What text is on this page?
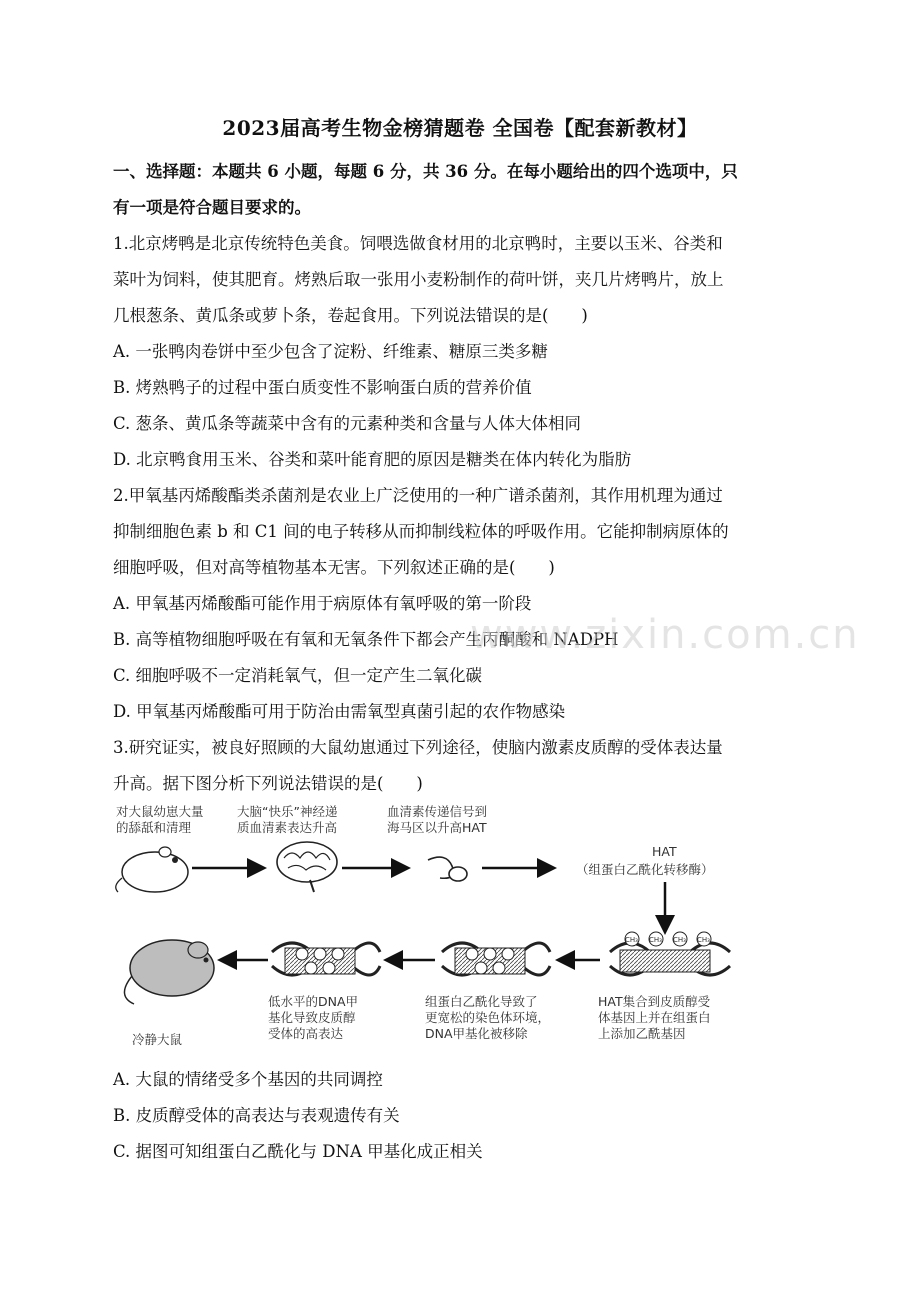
2023届高考生物金榜猜题卷 全国卷【配套新教材】
一、选择题：本题共 6 小题，每题 6 分，共 36 分。在每小题给出的四个选项中，只
有一项是符合题目要求的。
1.北京烤鸭是北京传统特色美食。饲喂选做食材用的北京鸭时，主要以玉米、谷类和
菜叶为饲料，使其肥育。烤熟后取一张用小麦粉制作的荷叶饼，夹几片烤鸭片，放上
几根葱条、黄瓜条或萝卜条，卷起食用。下列说法错误的是(　　)
A. 一张鸭肉卷饼中至少包含了淀粉、纤维素、糖原三类多糖
B. 烤熟鸭子的过程中蛋白质变性不影响蛋白质的营养价值
C. 葱条、黄瓜条等蔬菜中含有的元素种类和含量与人体大体相同
D. 北京鸭食用玉米、谷类和菜叶能育肥的原因是糖类在体内转化为脂肪
2.甲氧基丙烯酸酯类杀菌剂是农业上广泛使用的一种广谱杀菌剂，其作用机理为通过
抑制细胞色素 b 和 C1 间的电子转移从而抑制线粒体的呼吸作用。它能抑制病原体的
细胞呼吸，但对高等植物基本无害。下列叙述正确的是(　　)
A. 甲氧基丙烯酸酯可能作用于病原体有氧呼吸的第一阶段
B. 高等植物细胞呼吸在有氧和无氧条件下都会产生丙酮酸和 NADPH
C. 细胞呼吸不一定消耗氧气，但一定产生二氧化碳
D. 甲氧基丙烯酸酯可用于防治由需氧型真菌引起的农作物感染
www.zixin.com.cn
3.研究证实，被良好照顾的大鼠幼崽通过下列途径，使脑内激素皮质醇的受体表达量
升高。据下图分析下列说法错误的是(　　)
对大鼠幼崽大量
的舔舐和清理
大脑“快乐”神经递
质血清素表达升高
血清素传递信号到
海马区以升高HAT
HAT
（组蛋白乙酰化转移酶）
CH₃ CH₃ CH₃ CH₃
冷静大鼠
低水平的DNA甲
基化导致皮质醇
受体的高表达
组蛋白乙酰化导致了
更宽松的染色体环境，
DNA甲基化被移除
HAT集合到皮质醇受
体基因上并在组蛋白
上添加乙酰基因
A. 大鼠的情绪受多个基因的共同调控
B. 皮质醇受体的高表达与表观遗传有关
C. 据图可知组蛋白乙酰化与 DNA 甲基化成正相关
